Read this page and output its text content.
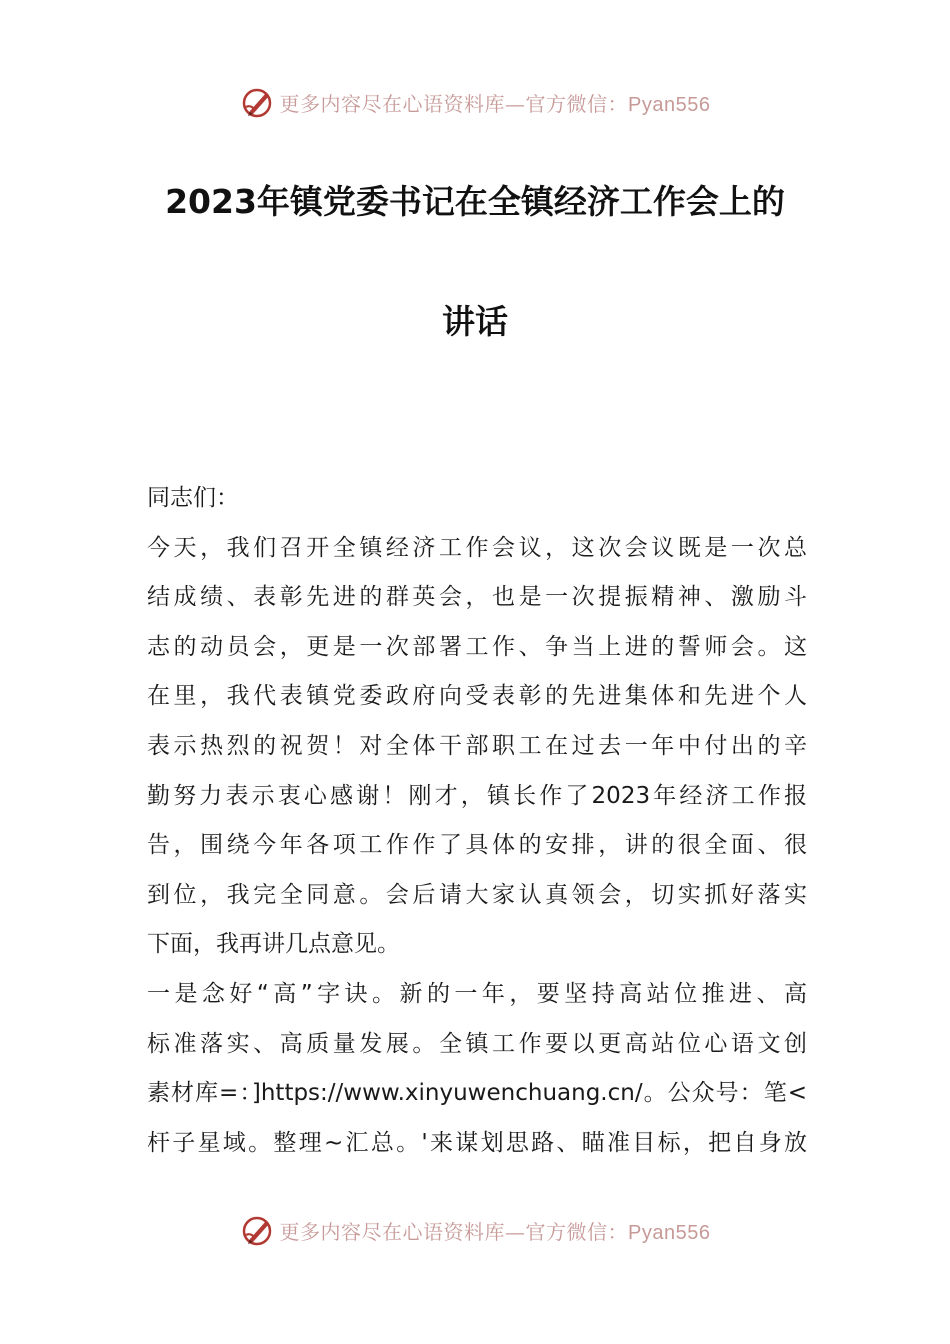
更多内容尽在心语资料库—官方微信：Pyan556
2023年镇党委书记在全镇经济工作会上的
讲话
同志们：
今天，我们召开全镇经济工作会议，这次会议既是一次总
结成绩、表彰先进的群英会，也是一次提振精神、激励斗
志的动员会，更是一次部署工作、争当上进的誓师会。这
在里，我代表镇党委政府向受表彰的先进集体和先进个人
表示热烈的祝贺！对全体干部职工在过去一年中付出的辛
勤努力表示衷心感谢！刚才，镇长作了2023年经济工作报
告，围绕今年各项工作作了具体的安排，讲的很全面、很
到位，我完全同意。会后请大家认真领会，切实抓好落实
下面，我再讲几点意见。
一是念好“高”字诀。新的一年，要坚持高站位推进、高
标准落实、高质量发展。全镇工作要以更高站位心语文创
素材库=：]https://www.xinyuwenchuang.cn/。公众号：笔<
杆子星域。整理~汇总。'来谋划思路、瞄准目标，把自身放
更多内容尽在心语资料库—官方微信：Pyan556
